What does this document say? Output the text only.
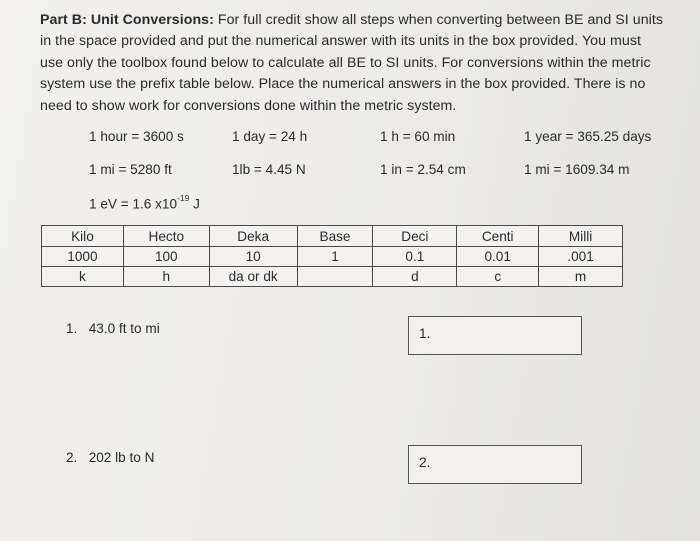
Part B: Unit Conversions: For full credit show all steps when converting between BE and SI units in the space provided and put the numerical answer with its units in the box provided. You must use only the toolbox found below to calculate all BE to SI units. For conversions within the metric system use the prefix table below. Place the numerical answers in the box provided. There is no need to show work for conversions done within the metric system.
1 hour = 3600 s	1 day = 24 h	1 h = 60 min	1 year = 365.25 days
1 mi = 5280 ft	1lb = 4.45 N	1 in = 2.54 cm	1 mi = 1609.34 m
1 eV = 1.6 $x10^{-19}$ J
Kilo	Hecto	Deka	Base	Deci	Centi	Milli
1000	100	10	1	0.1	0.01	.001
k	h	da or dk		d	c	m
1. 43.0 ft to mi	1.
2. 202 lb to N	2.
